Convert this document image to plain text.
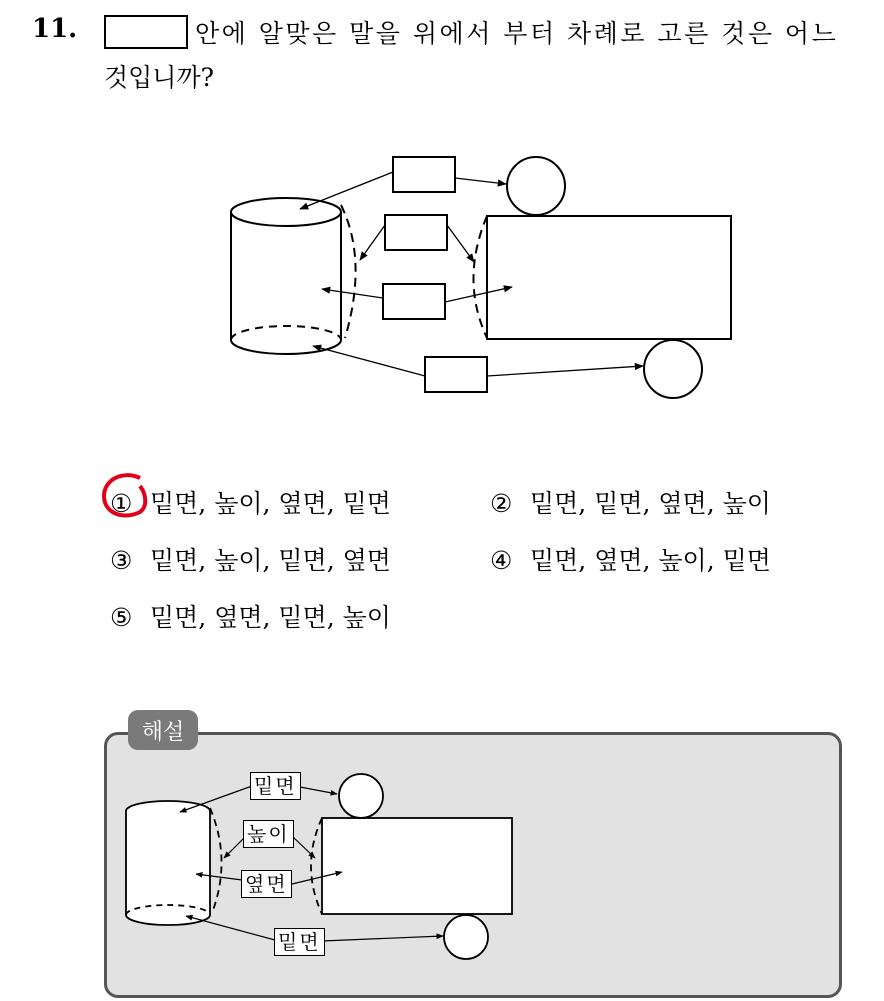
11.	안에 알맞은 말을 위에서 부터 차례로 고른 것은 어느
것입니까?
① 밑면, 높이, 옆면, 밑면	② 밑면, 밑면, 옆면, 높이
③ 밑면, 높이, 밑면, 옆면	④ 밑면, 옆면, 높이, 밑면
⑤ 밑면, 옆면, 밑면, 높이
해설
밑면
높이
옆면
밑면
